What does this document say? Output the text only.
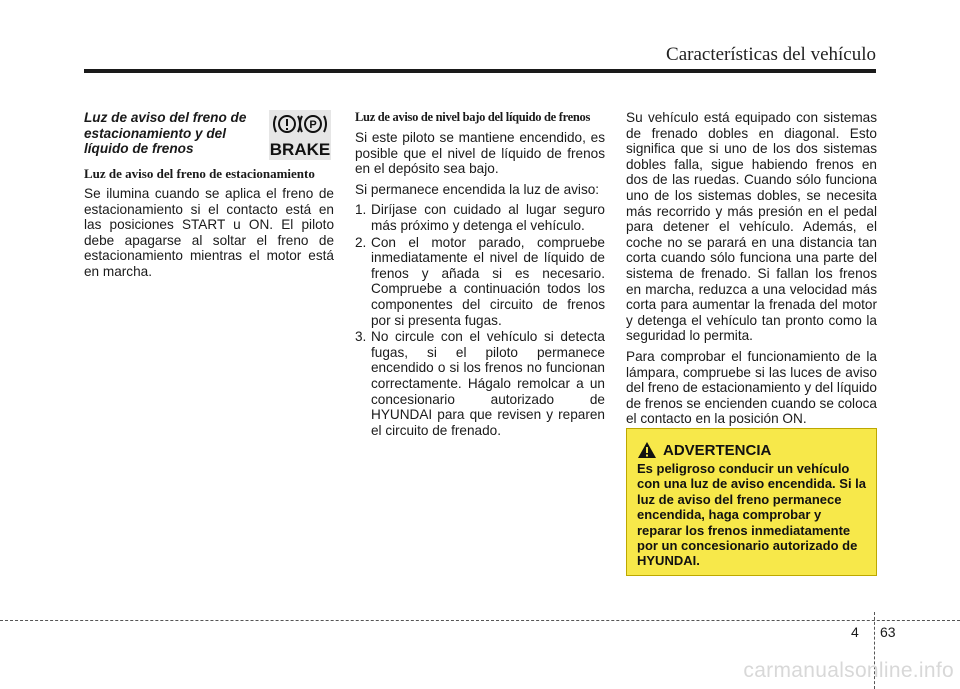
Características del vehículo

Luz de aviso del freno de estacionamiento y del líquido de frenos

P
BRAKE
Luz de aviso del freno de estacionamiento

Se ilumina cuando se aplica el freno de estacionamiento si el contacto está en las posiciones START u ON. El piloto debe apagarse al soltar el freno de estacionamiento mientras el motor está en marcha.

Luz de aviso de nivel bajo del líquido de frenos

Si este piloto se mantiene encendido, es posible que el nivel de líquido de frenos en el depósito sea bajo.

Si permanece encendida la luz de aviso:

1. Diríjase con cuidado al lugar seguro más próximo y detenga el vehículo.
2. Con el motor parado, compruebe inmediatamente el nivel de líquido de frenos y añada si es necesario. Compruebe a continuación todos los componentes del circuito de frenos por si presenta fugas.
3. No circule con el vehículo si detecta fugas, si el piloto permanece encendido o si los frenos no funcionan correctamente. Hágalo remolcar a un concesionario autorizado de HYUNDAI para que revisen y reparen el circuito de frenado.

Su vehículo está equipado con sistemas de frenado dobles en diagonal. Esto significa que si uno de los dos sistemas dobles falla, sigue habiendo frenos en dos de las ruedas. Cuando sólo funciona uno de los sistemas dobles, se necesita más recorrido y más presión en el pedal para detener el vehículo. Además, el coche no se parará en una distancia tan corta cuando sólo funciona una parte del sistema de frenado. Si fallan los frenos en marcha, reduzca a una velocidad más corta para aumentar la frenada del motor y detenga el vehículo tan pronto como la seguridad lo permita.

Para comprobar el funcionamiento de la lámpara, compruebe si las luces de aviso del freno de estacionamiento y del líquido de frenos se encienden cuando se coloca el contacto en la posición ON.

ADVERTENCIA

Es peligroso conducir un vehículo con una luz de aviso encendida. Si la luz de aviso del freno permanece encendida, haga comprobar y reparar los frenos inmediatamente por un concesionario autorizado de HYUNDAI.

4 63
carmanualsonline.info
